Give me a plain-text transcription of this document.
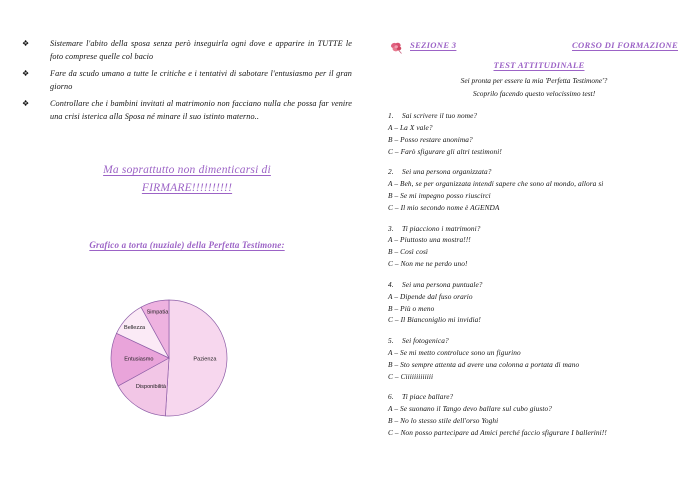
❖	Sistemare l'abito della sposa senza però inseguirla ogni dove e apparire in TUTTE le foto comprese quelle col bacio
❖	Fare da scudo umano a tutte le critiche e i tentativi di sabotare l'entusiasmo per il gran giorno
❖	Controllare che i bambini invitati al matrimonio non facciano nulla che possa far venire una crisi isterica alla Sposa né minare il suo istinto materno..
Ma soprattutto non dimenticarsi di
FIRMARE!!!!!!!!!!
Grafico a torta (nuziale) della Perfetta Testimone:
Pazienza
Disponibilità
Entusiasmo
Bellezza
Simpatia
SEZIONE 3	CORSO DI FORMAZIONE
TEST ATTITUDINALE
Sei pronta per essere la mia 'Perfetta Testimone'?
Scoprilo facendo questo velocissimo test!
1. Sai scrivere il tuo nome?
A – La X vale?
B – Posso restare anonima?
C – Farò sfigurare gli altri testimoni!
2. Sei una persona organizzata?
A – Beh, se per organizzata intendi sapere che sono al mondo, allora si
B – Se mi impegno posso riuscirci
C – Il mio secondo nome è AGENDA
3. Ti piacciono i matrimoni?
A – Piuttosto una mostra!!!
B – Così così
C – Non me ne perdo uno!
4. Sei una persona puntuale?
A – Dipende dal fuso orario
B – Più o meno
C – Il Bianconiglio mi invidia!
5. Sei fotogenica?
A – Se mi metto controluce sono un figurino
B – Sto sempre attenta ad avere una colonna a portata di mano
C – Ciiiiiiiiiiiii
6. Ti piace ballare?
A – Se suonano il Tango devo ballare sul cubo giusto?
B – No lo stesso stile dell'orso Yoghi
C – Non posso partecipare ad Amici perché faccio sfigurare I ballerini!!
